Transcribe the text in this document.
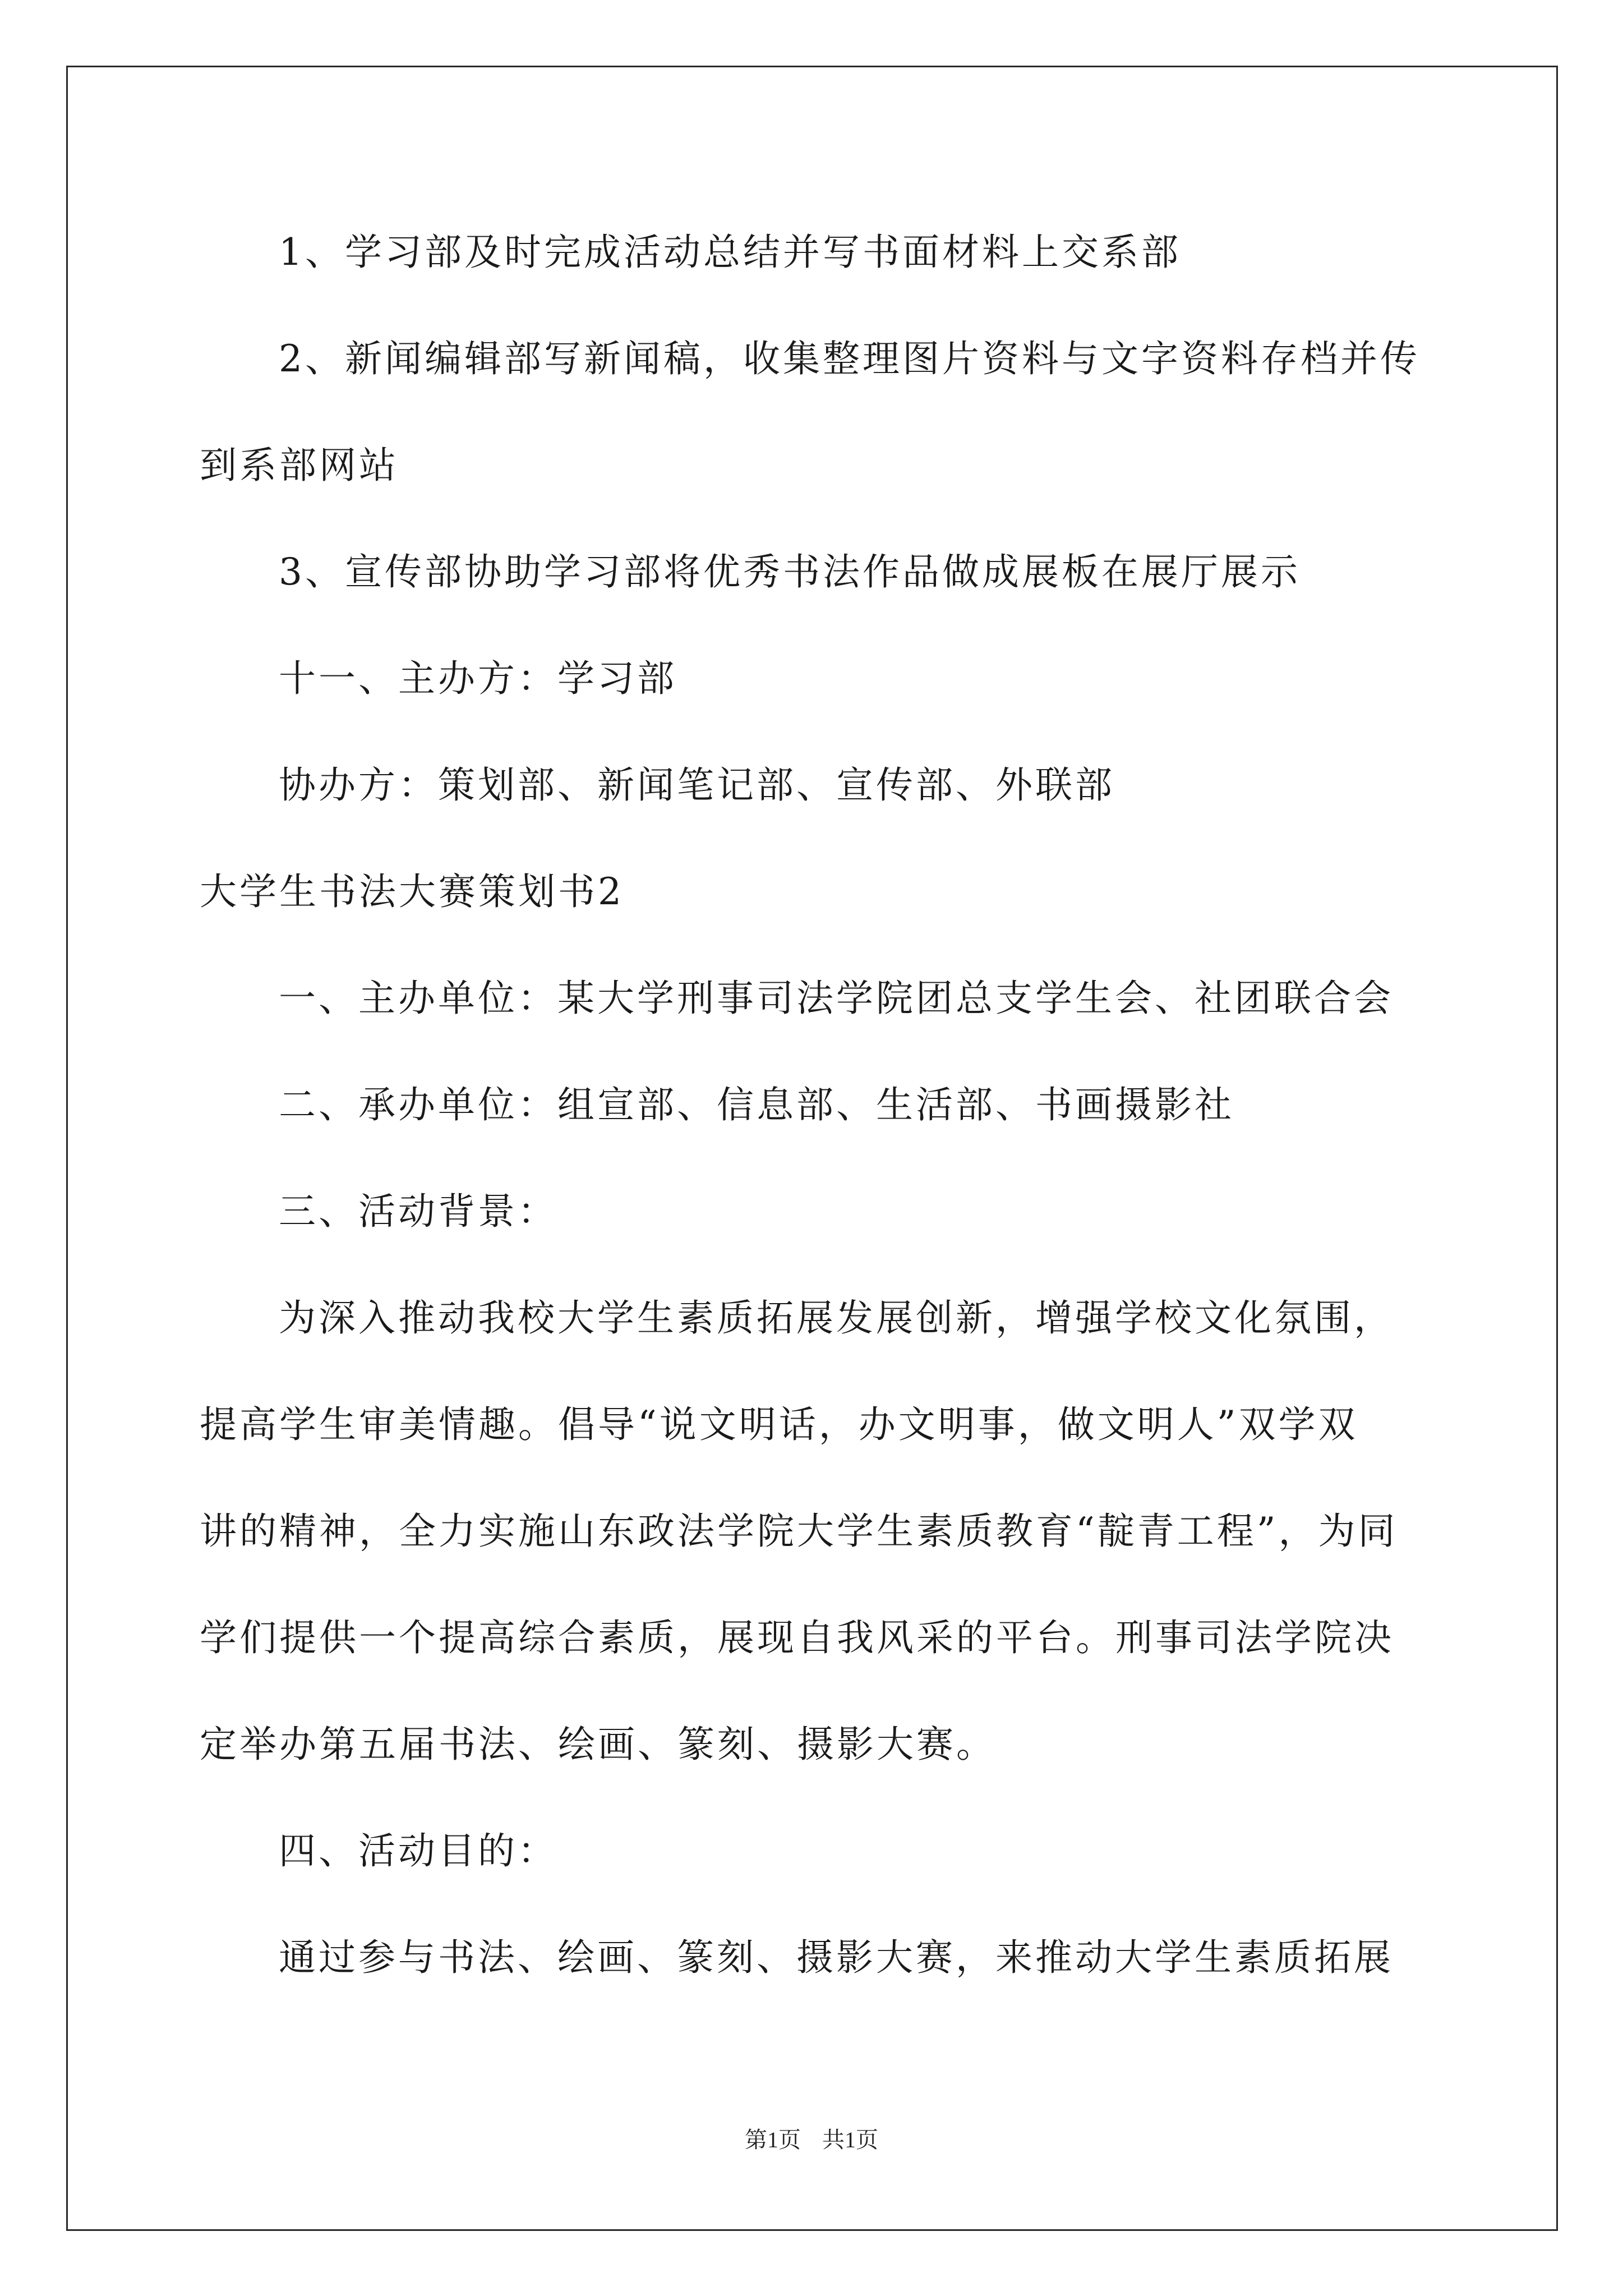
1、学习部及时完成活动总结并写书面材料上交系部
2、新闻编辑部写新闻稿，收集整理图片资料与文字资料存档并传
到系部网站
3、宣传部协助学习部将优秀书法作品做成展板在展厅展示
十一、主办方：学习部
协办方：策划部、新闻笔记部、宣传部、外联部
大学生书法大赛策划书2
一、主办单位：某大学刑事司法学院团总支学生会、社团联合会
二、承办单位：组宣部、信息部、生活部、书画摄影社
三、活动背景：
为深入推动我校大学生素质拓展发展创新，增强学校文化氛围，
提高学生审美情趣。倡导“说文明话，办文明事，做文明人”双学双
讲的精神，全力实施山东政法学院大学生素质教育“靛青工程”，为同
学们提供一个提高综合素质，展现自我风采的平台。刑事司法学院决
定举办第五届书法、绘画、篆刻、摄影大赛。
四、活动目的：
通过参与书法、绘画、篆刻、摄影大赛，来推动大学生素质拓展
第1页 共1页
